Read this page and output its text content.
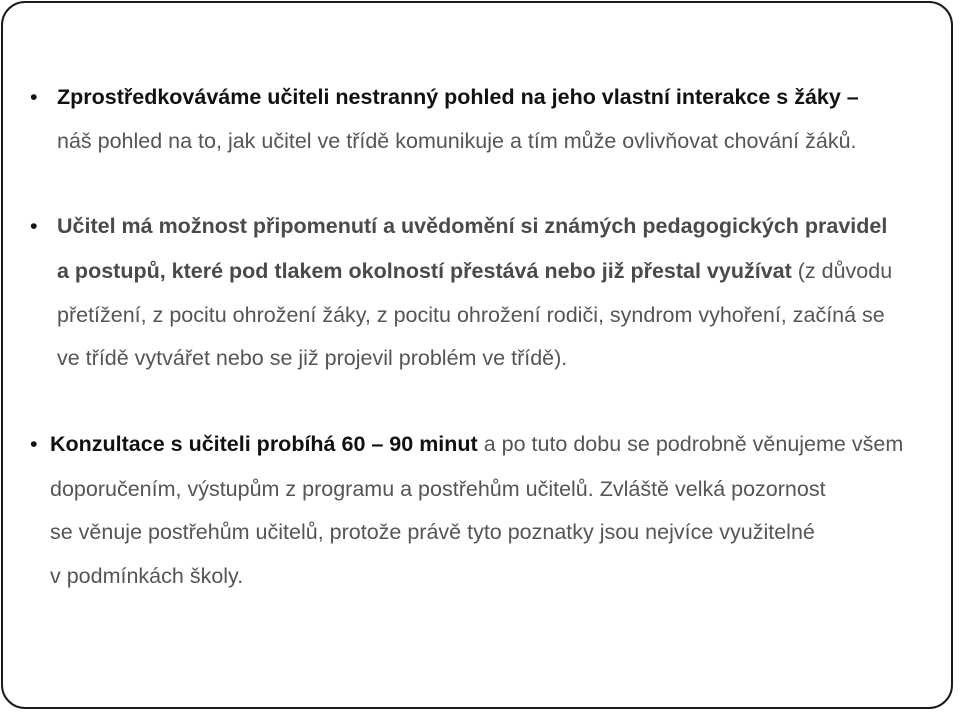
• Zprostředkováváme učiteli nestranný pohled na jeho vlastní interakce s žáky –
náš pohled na to, jak učitel ve třídě komunikuje a tím může ovlivňovat chování žáků.
• Učitel má možnost připomenutí a uvědomění si známých pedagogických pravidel
a postupů, které pod tlakem okolností přestává nebo již přestal využívat (z důvodu
přetížení, z pocitu ohrožení žáky, z pocitu ohrožení rodiči, syndrom vyhoření, začíná se
ve třídě vytvářet nebo se již projevil problém ve třídě).
• Konzultace s učiteli probíhá 60 – 90 minut a po tuto dobu se podrobně věnujeme všem
doporučením, výstupům z programu a postřehům učitelů. Zvláště velká pozornost
se věnuje postřehům učitelů, protože právě tyto poznatky jsou nejvíce využitelné
v podmínkách školy.
